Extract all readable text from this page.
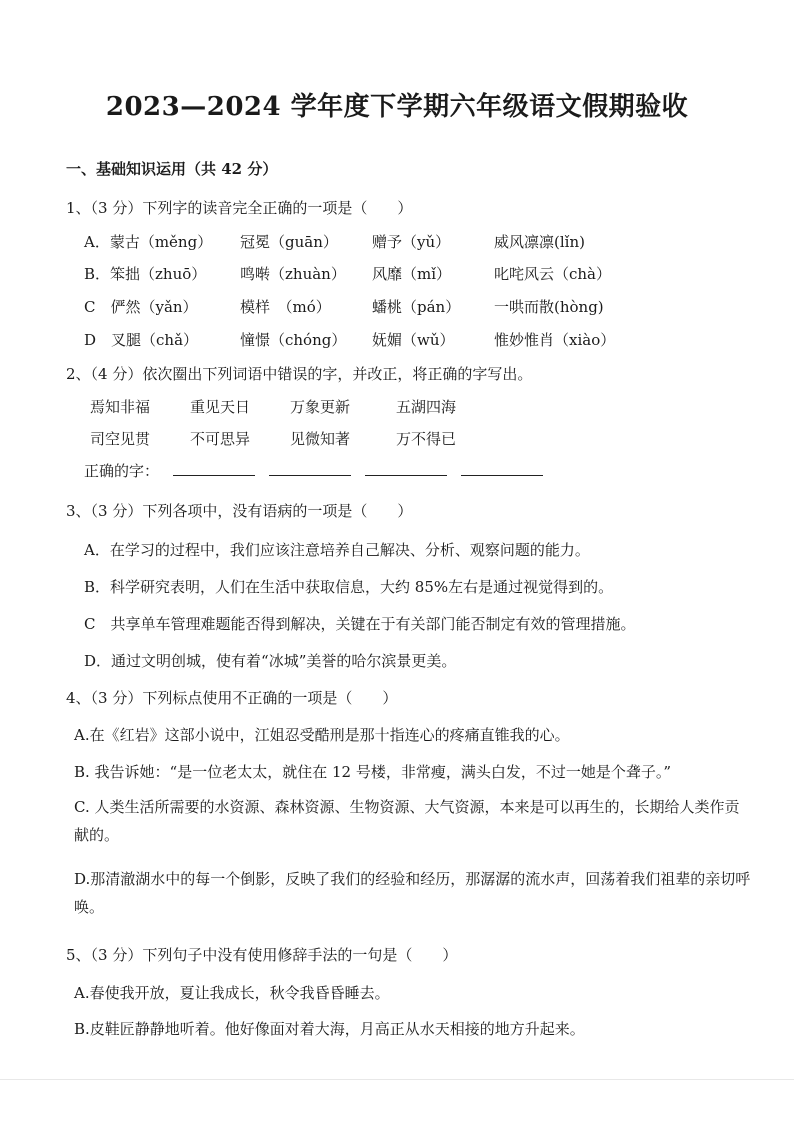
2023—2024 学年度下学期六年级语文假期验收
一、基础知识运用（共 42 分）
1、（3 分）下列字的读音完全正确的一项是（　　）
A．蒙古（měng） 冠冕（guān） 赠予（yǔ）	威风凛凛(lǐn)
B．笨拙（zhuō） 鸣啭（zhuàn） 风靡（mǐ）	叱咤风云（chà）
C　俨然（yǎn）	模样　（mó）	蟠桃（pán） 一哄而散(hòng)
D　叉腿（chǎ）	憧憬（chóng） 妩媚（wǔ）	惟妙惟肖（xiào）
2、（4 分）依次圈出下列词语中错误的字，并改正，将正确的字写出。
焉知非福	重见天日	万象更新	五湖四海
司空见贯	不可思异	见微知著	万不得已
正确的字：
3、（3 分）下列各项中，没有语病的一项是（　　）
A．在学习的过程中，我们应该注意培养自己解决、分析、观察问题的能力。
B．科学研究表明，人们在生活中获取信息，大约 85%左右是通过视觉得到的。
C　共享单车管理难题能否得到解决，关键在于有关部门能否制定有效的管理措施。
D．通过文明创城，使有着“冰城”美誉的哈尔滨景更美。
4、（3 分）下列标点使用不正确的一项是（　　）
A.在《红岩》这部小说中，江姐忍受酷刑是那十指连心的疼痛直锥我的心。
B. 我告诉她：“是一位老太太，就住在 12 号楼，非常瘦，满头白发，不过一她是个聋子。”
C. 人类生活所需要的水资源、森林资源、生物资源、大气资源，本来是可以再生的，长期给人类作贡献的。
D.那清澈湖水中的每一个倒影，反映了我们的经验和经历，那潺潺的流水声，回荡着我们祖辈的亲切呼唤。
5、（3 分）下列句子中没有使用修辞手法的一句是（　　）
A.春使我开放，夏让我成长，秋令我昏昏睡去。
B.皮鞋匠静静地听着。他好像面对着大海，月高正从水天相接的地方升起来。
